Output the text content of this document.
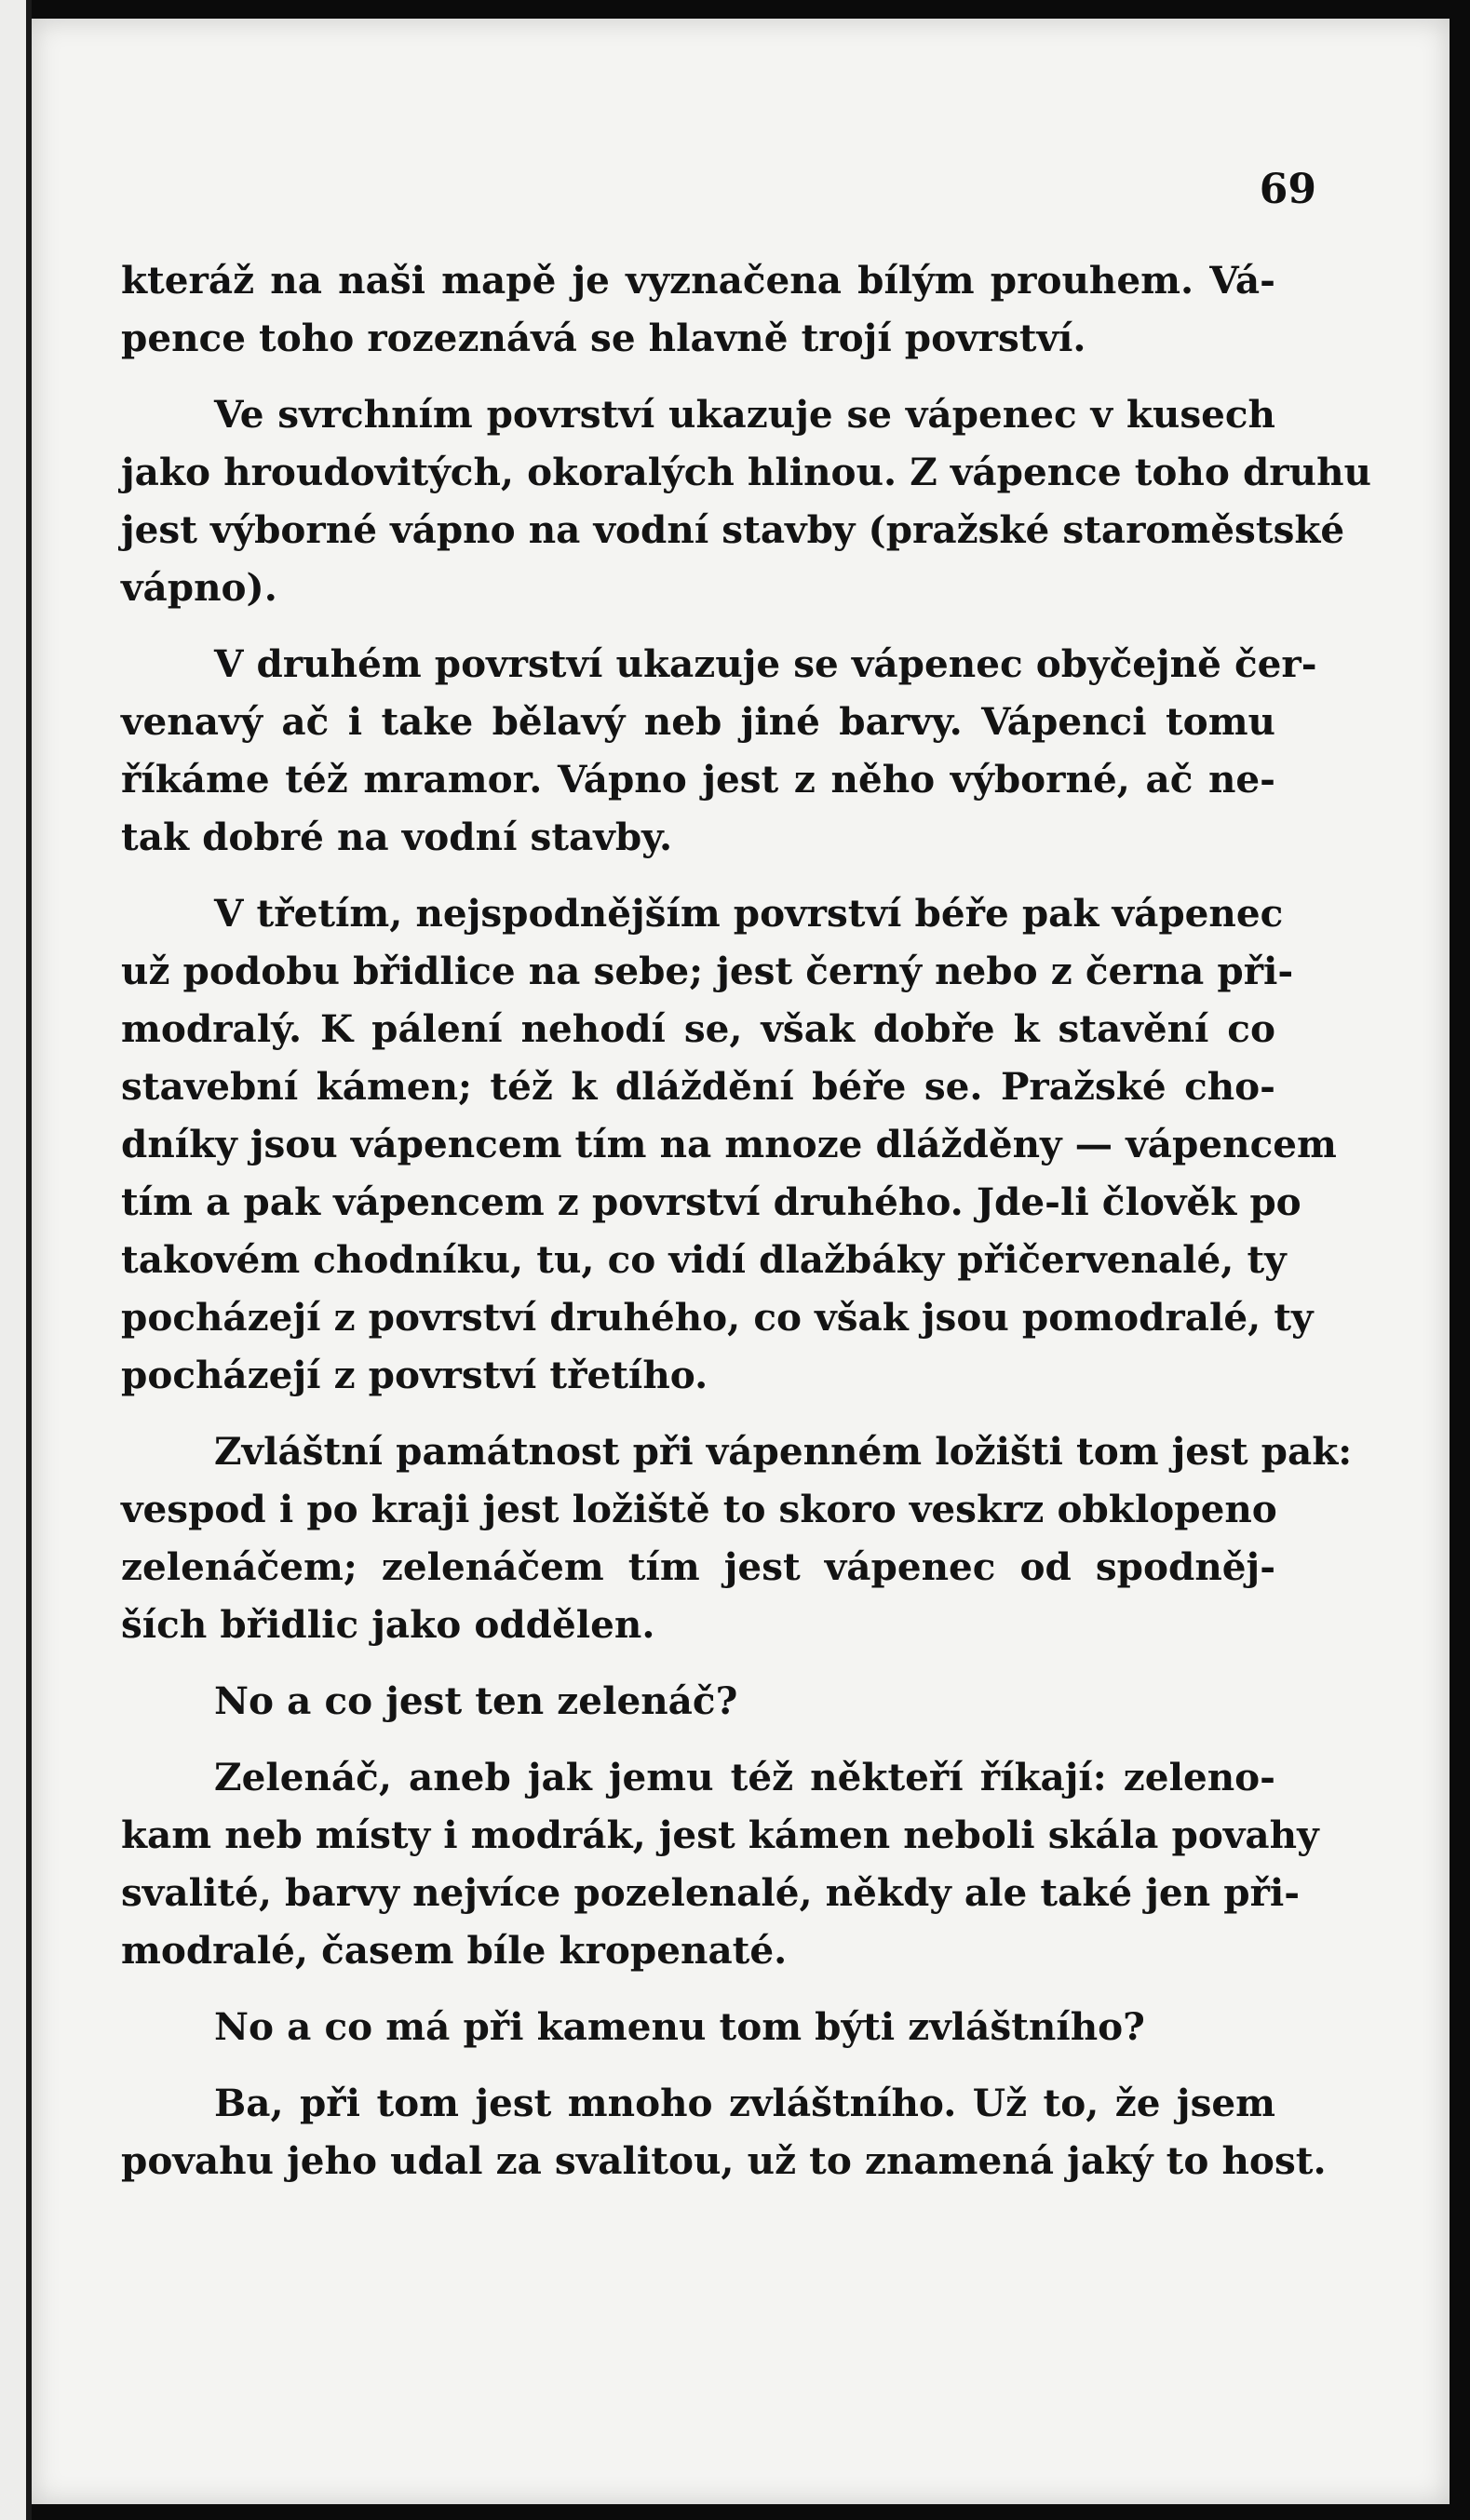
69
kteráž na naši mapě je vyznačena bílým prouhem. Vá-
pence toho rozeznává se hlavně trojí povrství.
Ve svrchním povrství ukazuje se vápenec v kusech
jako hroudovitých, okoralých hlinou. Z vápence toho druhu
jest výborné vápno na vodní stavby (pražské staroměstské
vápno).
V druhém povrství ukazuje se vápenec obyčejně čer-
venavý ač i take bělavý neb jiné barvy. Vápenci tomu
říkáme též mramor. Vápno jest z něho výborné, ač ne-
tak dobré na vodní stavby.
V třetím, nejspodnějším povrství béře pak vápenec
už podobu břidlice na sebe; jest černý nebo z černa při-
modralý. K pálení nehodí se, však dobře k stavění co
stavební kámen; též k dláždění béře se. Pražské cho-
dníky jsou vápencem tím na mnoze dlážděny — vápencem
tím a pak vápencem z povrství druhého. Jde-li člověk po
takovém chodníku, tu, co vidí dlažbáky přičervenalé, ty
pocházejí z povrství druhého, co však jsou pomodralé, ty
pocházejí z povrství třetího.
Zvláštní památnost při vápenném ložišti tom jest pak:
vespod i po kraji jest ložiště to skoro veskrz obklopeno
zelenáčem; zelenáčem tím jest vápenec od spodněj-
ších břidlic jako oddělen.
No a co jest ten zelenáč?
Zelenáč, aneb jak jemu též někteří říkají: zeleno-
kam neb místy i modrák, jest kámen neboli skála povahy
svalité, barvy nejvíce pozelenalé, někdy ale také jen při-
modralé, časem bíle kropenaté.
No a co má při kamenu tom býti zvláštního?
Ba, při tom jest mnoho zvláštního. Už to, že jsem
povahu jeho udal za svalitou, už to znamená jaký to host.
